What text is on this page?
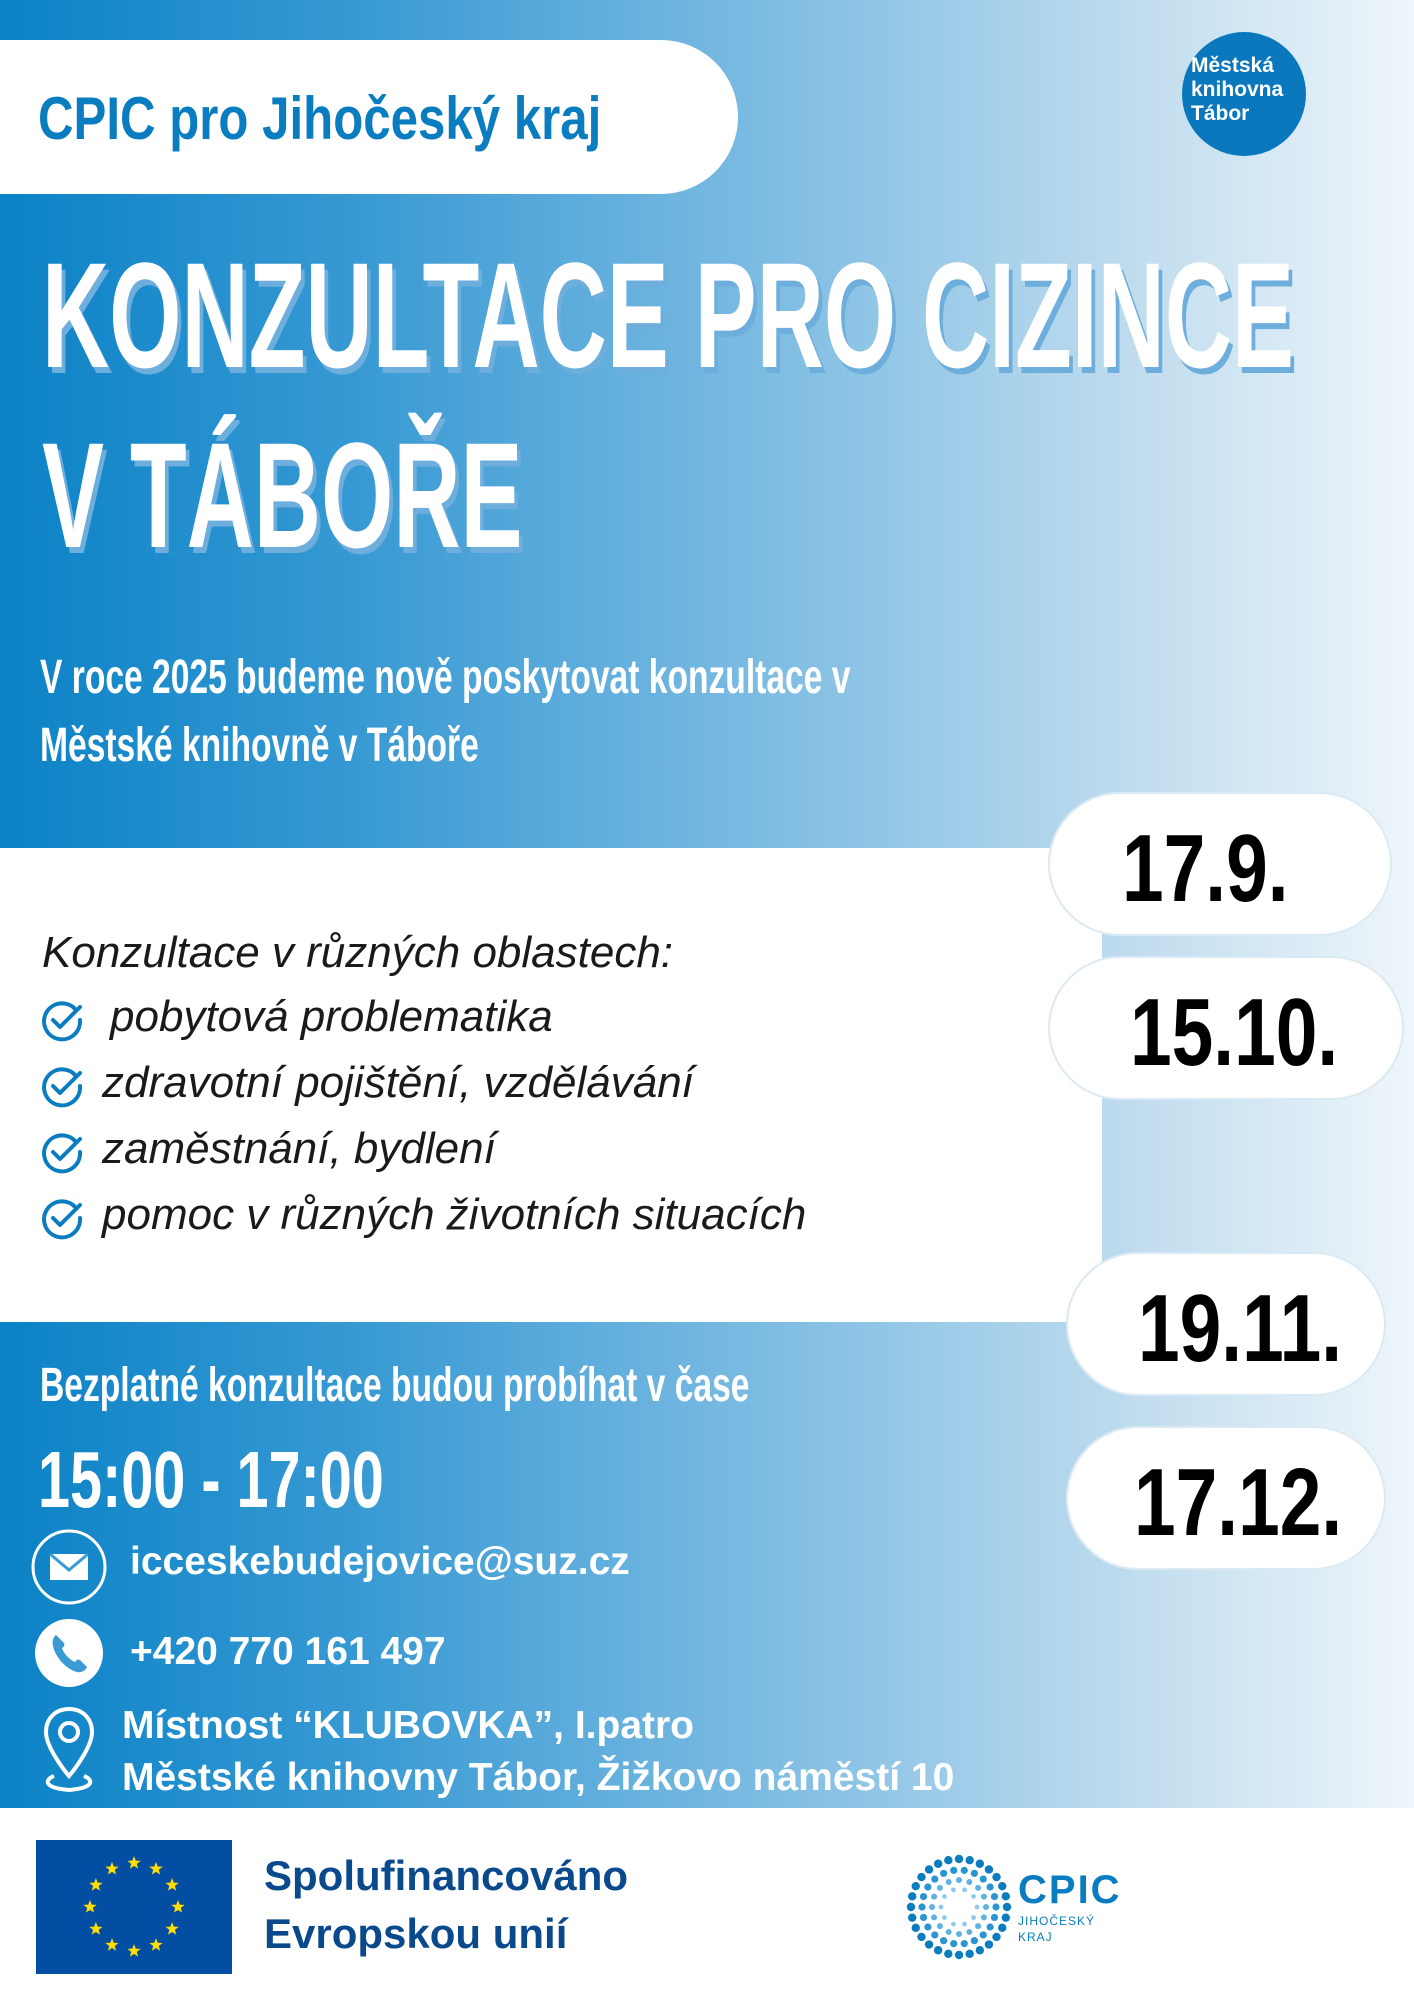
CPIC pro Jihočeský kraj
Městská
knihovna
Tábor
KONZULTACE PRO CIZINCE
V TÁBOŘE
V roce 2025 budeme nově poskytovat konzultace v
Městské knihovně v Táboře
Konzultace v různých oblastech:
pobytová problematika
zdravotní pojištění, vzdělávání
zaměstnání, bydlení
pomoc v různých životních situacích
17.9.
15.10.
19.11.
17.12.
Bezplatné konzultace budou probíhat v čase
15:00 - 17:00
icceskebudejovice@suz.cz
+420 770 161 497
Místnost “KLUBOVKA”, I.patro
Městské knihovny Tábor, Žižkovo náměstí 10
Spolufinancováno
Evropskou unií
CPIC
JIHOČESKÝ
KRAJ
